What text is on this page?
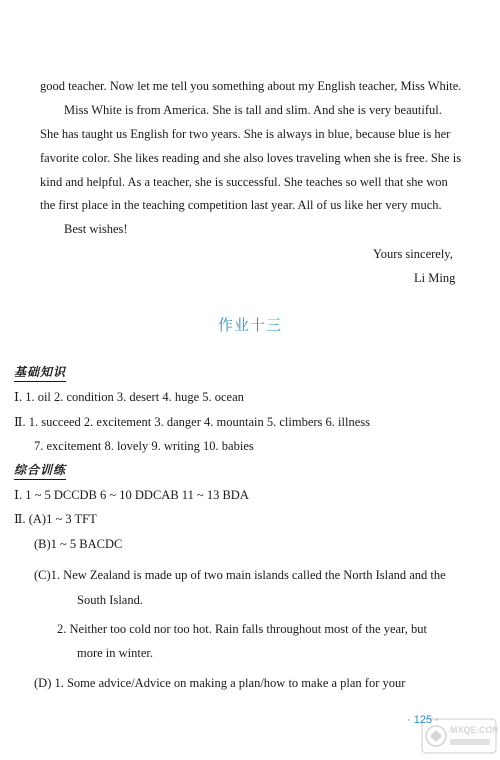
good teacher. Now let me tell you something about my English teacher, Miss White.
Miss White is from America. She is tall and slim. And she is very beautiful.
She has taught us English for two years. She is always in blue, because blue is her
favorite color. She likes reading and she also loves traveling when she is free. She is
kind and helpful. As a teacher, she is successful. She teaches so well that she won
the first place in the teaching competition last year. All of us like her very much.
Best wishes!
Yours sincerely,
Li Ming
作业十三
基础知识
Ⅰ. 1. oil 2. condition 3. desert 4. huge 5. ocean
Ⅱ. 1. succeed 2. excitement 3. danger 4. mountain 5. climbers 6. illness
7. excitement 8. lovely 9. writing 10. babies
综合训练
Ⅰ. 1 ~ 5 DCCDB 6 ~ 10 DDCAB 11 ~ 13 BDA
Ⅱ. (A)1 ~ 3 TFT
(B)1 ~ 5 BACDC
(C)1. New Zealand is made up of two main islands called the North Island and the
South Island.
2. Neither too cold nor too hot. Rain falls throughout most of the year, but
more in winter.
(D) 1. Some advice/Advice on making a plan/how to make a plan for your
· 125 ·
MXQE.COM
